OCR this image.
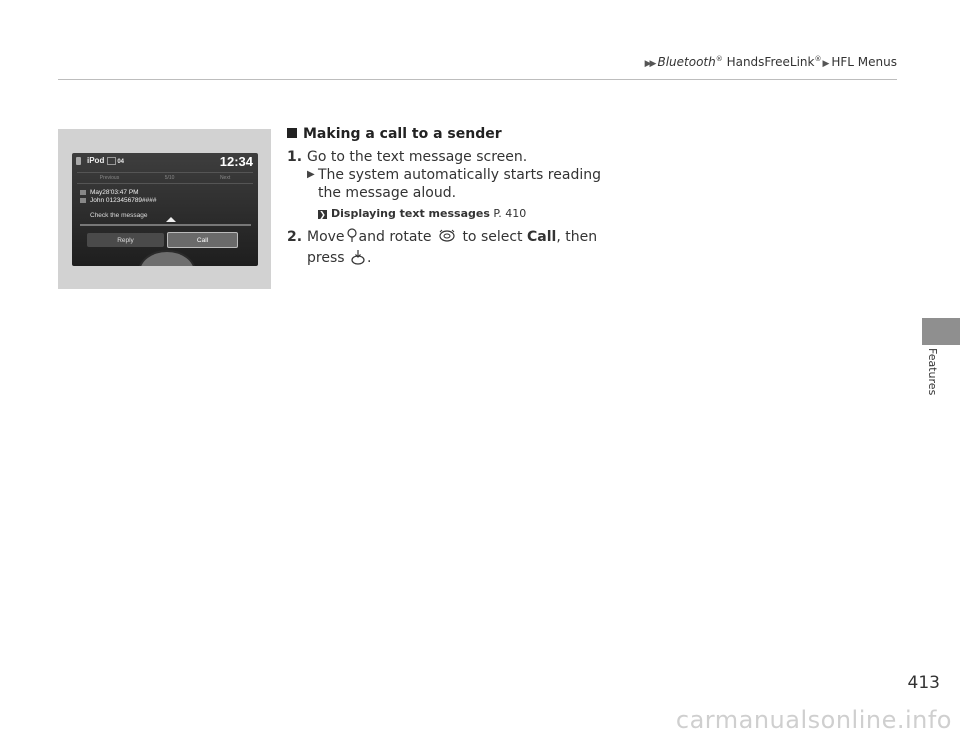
▶▶ Bluetooth® HandsFreeLink®▶ HFL Menus
iPod 04	12:34
Previous	5/10	Next
May28'03:47 PM
John 0123456789####
Check the message
Reply	Call
Making a call to a sender
1. Go to the text message screen.
▶ The system automatically starts reading
the message aloud.
❯ Displaying text messages P. 410
2. Move and rotate to select Call, then
press .
Features
413
carmanualsonline.info
